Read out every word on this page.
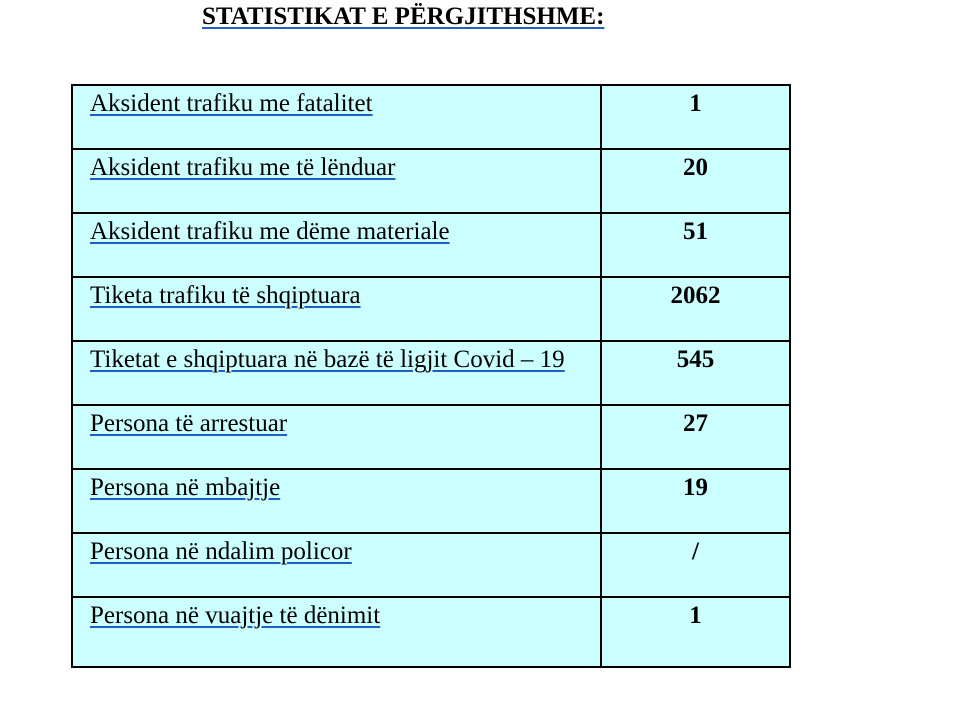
STATISTIKAT E PËRGJITHSHME:
Aksident trafiku me fatalitet	1
Aksident trafiku me të lënduar	20
Aksident trafiku me dëme materiale	51
Tiketa trafiku të shqiptuara	2062
Tiketat e shqiptuara në bazë të ligjit Covid – 19	545
Persona të arrestuar	27
Persona në mbajtje	19
Persona në ndalim policor	/
Persona në vuajtje të dënimit	1
